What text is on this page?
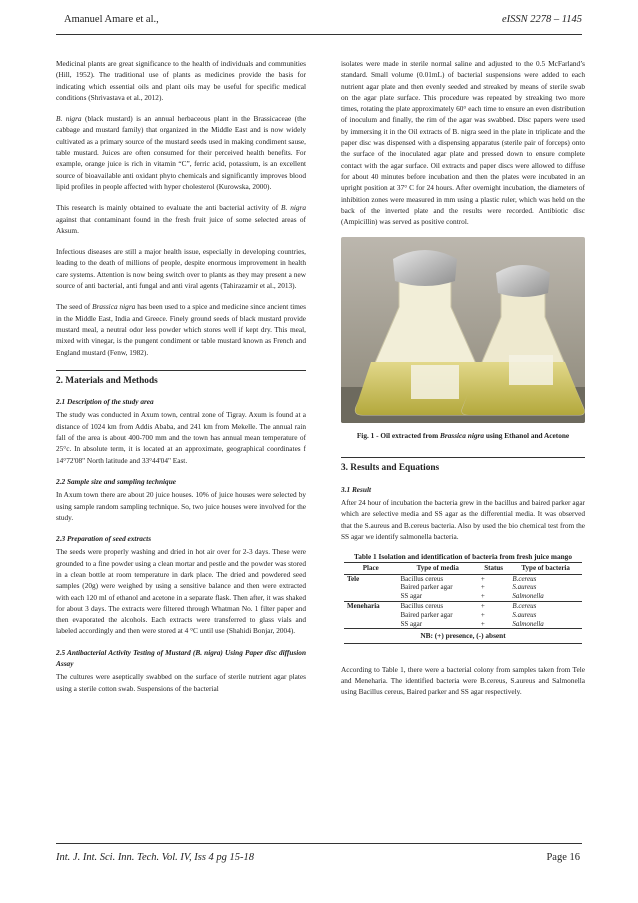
Amanuel Amare et al.,	eISSN 2278 – 1145

Medicinal plants are great significance to the health of individuals and communities (Hill, 1952). The traditional use of plants as medicines provide the basis for indicating which essential oils and plant oils may be useful for specific medical conditions (Shrivastava et al., 2012).

B. nigra (black mustard) is an annual herbaceous plant in the Brassicaceae (the cabbage and mustard family) that organized in the Middle East and is now widely cultivated as a primary source of the mustard seeds used in making condiment sause, table mustard. Juices are often consumed for their perceived health benefits. For example, orange juice is rich in vitamin “C”, ferric acid, potassium, is an excellent source of bioavailable anti oxidant phyto chemicals and significantly improves blood lipid profiles in people affected with hyper cholesterol (Kurowska, 2000).

This research is mainly obtained to evaluate the anti bacterial activity of B. nigra against that contaminant found in the fresh fruit juice of some selected areas of Aksum.

Infectious diseases are still a major health issue, especially in developing countries, leading to the death of millions of people, despite enormous improvement in health care systems. Attention is now being switch over to plants as they may present a new source of anti bacterial, anti fungal and anti viral agents (Tahirazamir et al., 2013).

The seed of Brassica nigra has been used to a spice and medicine since ancient times in the Middle East, India and Greece. Finely ground seeds of black mustard provide mustard meal, a neutral odor less powder which stores well if kept dry. This meal, mixed with vinegar, is the pungent condiment or table mustard known as French and England mustard (Fenw, 1982).

2. Materials and Methods
2.1 Description of the study area

The study was conducted in Axum town, central zone of Tigray. Axum is found at a distance of 1024 km from Addis Ababa, and 241 km from Mekelle. The annual rain fall of the area is about 400-700 mm and the town has annual mean temperature of 25°c. In absolute term, it is located at an approximate, geographical coordinates f 14°72'08" North latitude and 33°44'04" East.

2.2 Sample size and sampling technique

In Axum town there are about 20 juice houses. 10% of juice houses were selected by using sample random sampling technique. So, two juice houses were involved for the study.

2.3 Preparation of seed extracts

The seeds were properly washing and dried in hot air over for 2-3 days. These were grounded to a fine powder using a clean mortar and pestle and the powder was stored in a clean bottle at room temperature in dark place. The dried and powdered seed samples (20g) were weighed by using a sensitive balance and then were extracted with each 120 ml of ethanol and acetone in a separate flask. Then after, it was shaked for about 3 days. The extracts were filtered through Whatman No. 1 filter paper and then evaporated the alcohols. Each extracts were transferred to glass vials and labeled accordingly and then were stored at 4 °C until use (Shahidi Bonjar, 2004).

2.5 Antibacterial Activity Testing of Mustard (B. nigra) Using Paper disc diffusion Assay

The cultures were aseptically swabbed on the surface of sterile nutrient agar plates using a sterile cotton swab. Suspensions of the bacterial

isolates were made in sterile normal saline and adjusted to the 0.5 McFarland’s standard. Small volume (0.01mL) of bacterial suspensions were added to each nutrient agar plate and then evenly seeded and streaked by means of sterile swab on the agar plate surface. This procedure was repeated by streaking two more times, rotating the plate approximately 60° each time to ensure an even distribution of inoculum and finally, the rim of the agar was swabbed. Disc papers were used by immersing it in the Oil extracts of B. nigra seed in the plate in triplicate and the paper disc was dispensed with a dispensing apparatus (sterile pair of forceps) onto the surface of the inoculated agar plate and pressed down to ensure complete contact with the agar surface. Oil extracts and paper discs were allowed to diffuse for about 40 minutes before incubation and then the plates were incubated in an upright position at 37° C for 24 hours. After overnight incubation, the diameters of inhibition zones were measured in mm using a plastic ruler, which was held on the back of the inverted plate and the results were recorded. Antibiotic disc (Ampicillin) was served as positive control.

Fig. 1 - Oil extracted from Brassica nigra using Ethanol and Acetone
3. Results and Equations
3.1 Result

After 24 hour of incubation the bacteria grew in the bacillus and baired parker agar which are selective media and SS agar as the differential media. It was observed that the S.aureus and B.cereus bacteria. Also by used the bio chemical test from the SS agar we identify salmonella bacteria.

Table 1 Isolation and identification of bacteria from fresh juice mango
Place	Type of media	Status	Type of bacteria
Tele	Bacillus cereus	+	B.cereus
	Baired parker agar	+	S.aureus
	SS agar	+	Salmonella
Meneharia	Bacillus cereus	+	B.cereus
	Baired parker agar	+	S.aureus
	SS agar	+	Salmonella
NB: (+) presence, (-) absent

According to Table 1, there were a bacterial colony from samples taken from Tele and Meneharia. The identified bacteria were B.cereus, S.aureus and Salmonella using Bacillus cereus, Baired parker and SS agar respectively.

Int. J. Int. Sci. Inn. Tech. Vol. IV, Iss 4 pg 15-18	Page 16
